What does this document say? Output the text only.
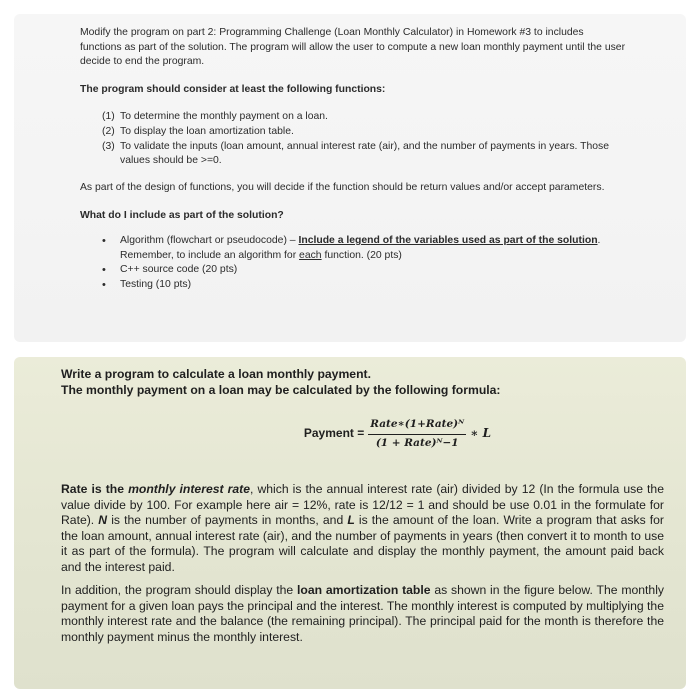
Modify the program on part 2: Programming Challenge (Loan Monthly Calculator) in Homework #3 to includes functions as part of the solution. The program will allow the user to compute a new loan monthly payment until the user decide to end the program.

The program should consider at least the following functions:

(1) To determine the monthly payment on a loan.
(2) To display the loan amortization table.
(3) To validate the inputs (loan amount, annual interest rate (air), and the number of payments in years. Those values should be >=0.

As part of the design of functions, you will decide if the function should be return values and/or accept parameters.

What do I include as part of the solution?

•	Algorithm (flowchart or pseudocode) – Include a legend of the variables used as part of the solution. Remember, to include an algorithm for each function. (20 pts)
•	C++ source code (20 pts)
•	Testing (10 pts)

Write a program to calculate a loan monthly payment.

The monthly payment on a loan may be calculated by the following formula:

Payment = $\frac{\text{Rate∗(1+Rate)ᴺ}}{\text{(1 + Rate)ᴺ−1}}$ ∗ L

Rate is the monthly interest rate, which is the annual interest rate (air) divided by 12 (In the formula use the value divide by 100. For example here air = 12%, rate is 12/12 = 1 and should be use 0.01 in the formulate for Rate). N is the number of payments in months, and L is the amount of the loan. Write a program that asks for the loan amount, annual interest rate (air), and the number of payments in years (then convert it to month to use it as part of the formula). The program will calculate and display the monthly payment, the amount paid back and the interest paid.

In addition, the program should display the loan amortization table as shown in the figure below. The monthly payment for a given loan pays the principal and the interest. The monthly interest is computed by multiplying the monthly interest rate and the balance (the remaining principal). The principal paid for the month is therefore the monthly payment minus the monthly interest.
